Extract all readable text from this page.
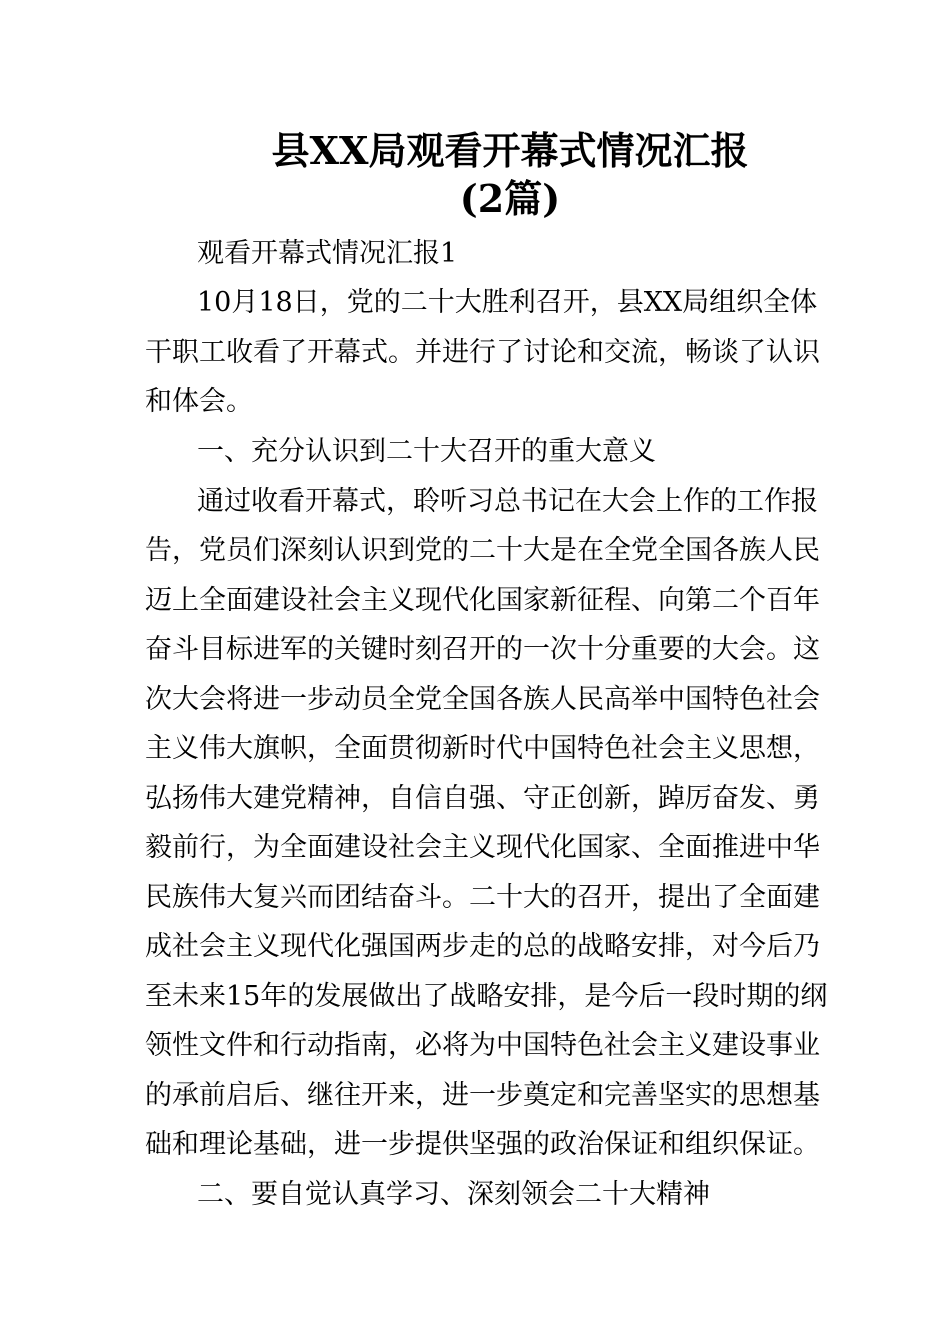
县XX局观看开幕式情况汇报
(2篇)
观看开幕式情况汇报1
10月18日，党的二十大胜利召开，县XX局组织全体
干职工收看了开幕式。并进行了讨论和交流，畅谈了认识
和体会。
一、充分认识到二十大召开的重大意义
通过收看开幕式，聆听习总书记在大会上作的工作报
告，党员们深刻认识到党的二十大是在全党全国各族人民
迈上全面建设社会主义现代化国家新征程、向第二个百年
奋斗目标进军的关键时刻召开的一次十分重要的大会。这
次大会将进一步动员全党全国各族人民高举中国特色社会
主义伟大旗帜，全面贯彻新时代中国特色社会主义思想，
弘扬伟大建党精神，自信自强、守正创新，踔厉奋发、勇
毅前行，为全面建设社会主义现代化国家、全面推进中华
民族伟大复兴而团结奋斗。二十大的召开，提出了全面建
成社会主义现代化强国两步走的总的战略安排，对今后乃
至未来15年的发展做出了战略安排，是今后一段时期的纲
领性文件和行动指南，必将为中国特色社会主义建设事业
的承前启后、继往开来，进一步奠定和完善坚实的思想基
础和理论基础，进一步提供坚强的政治保证和组织保证。
二、要自觉认真学习、深刻领会二十大精神
